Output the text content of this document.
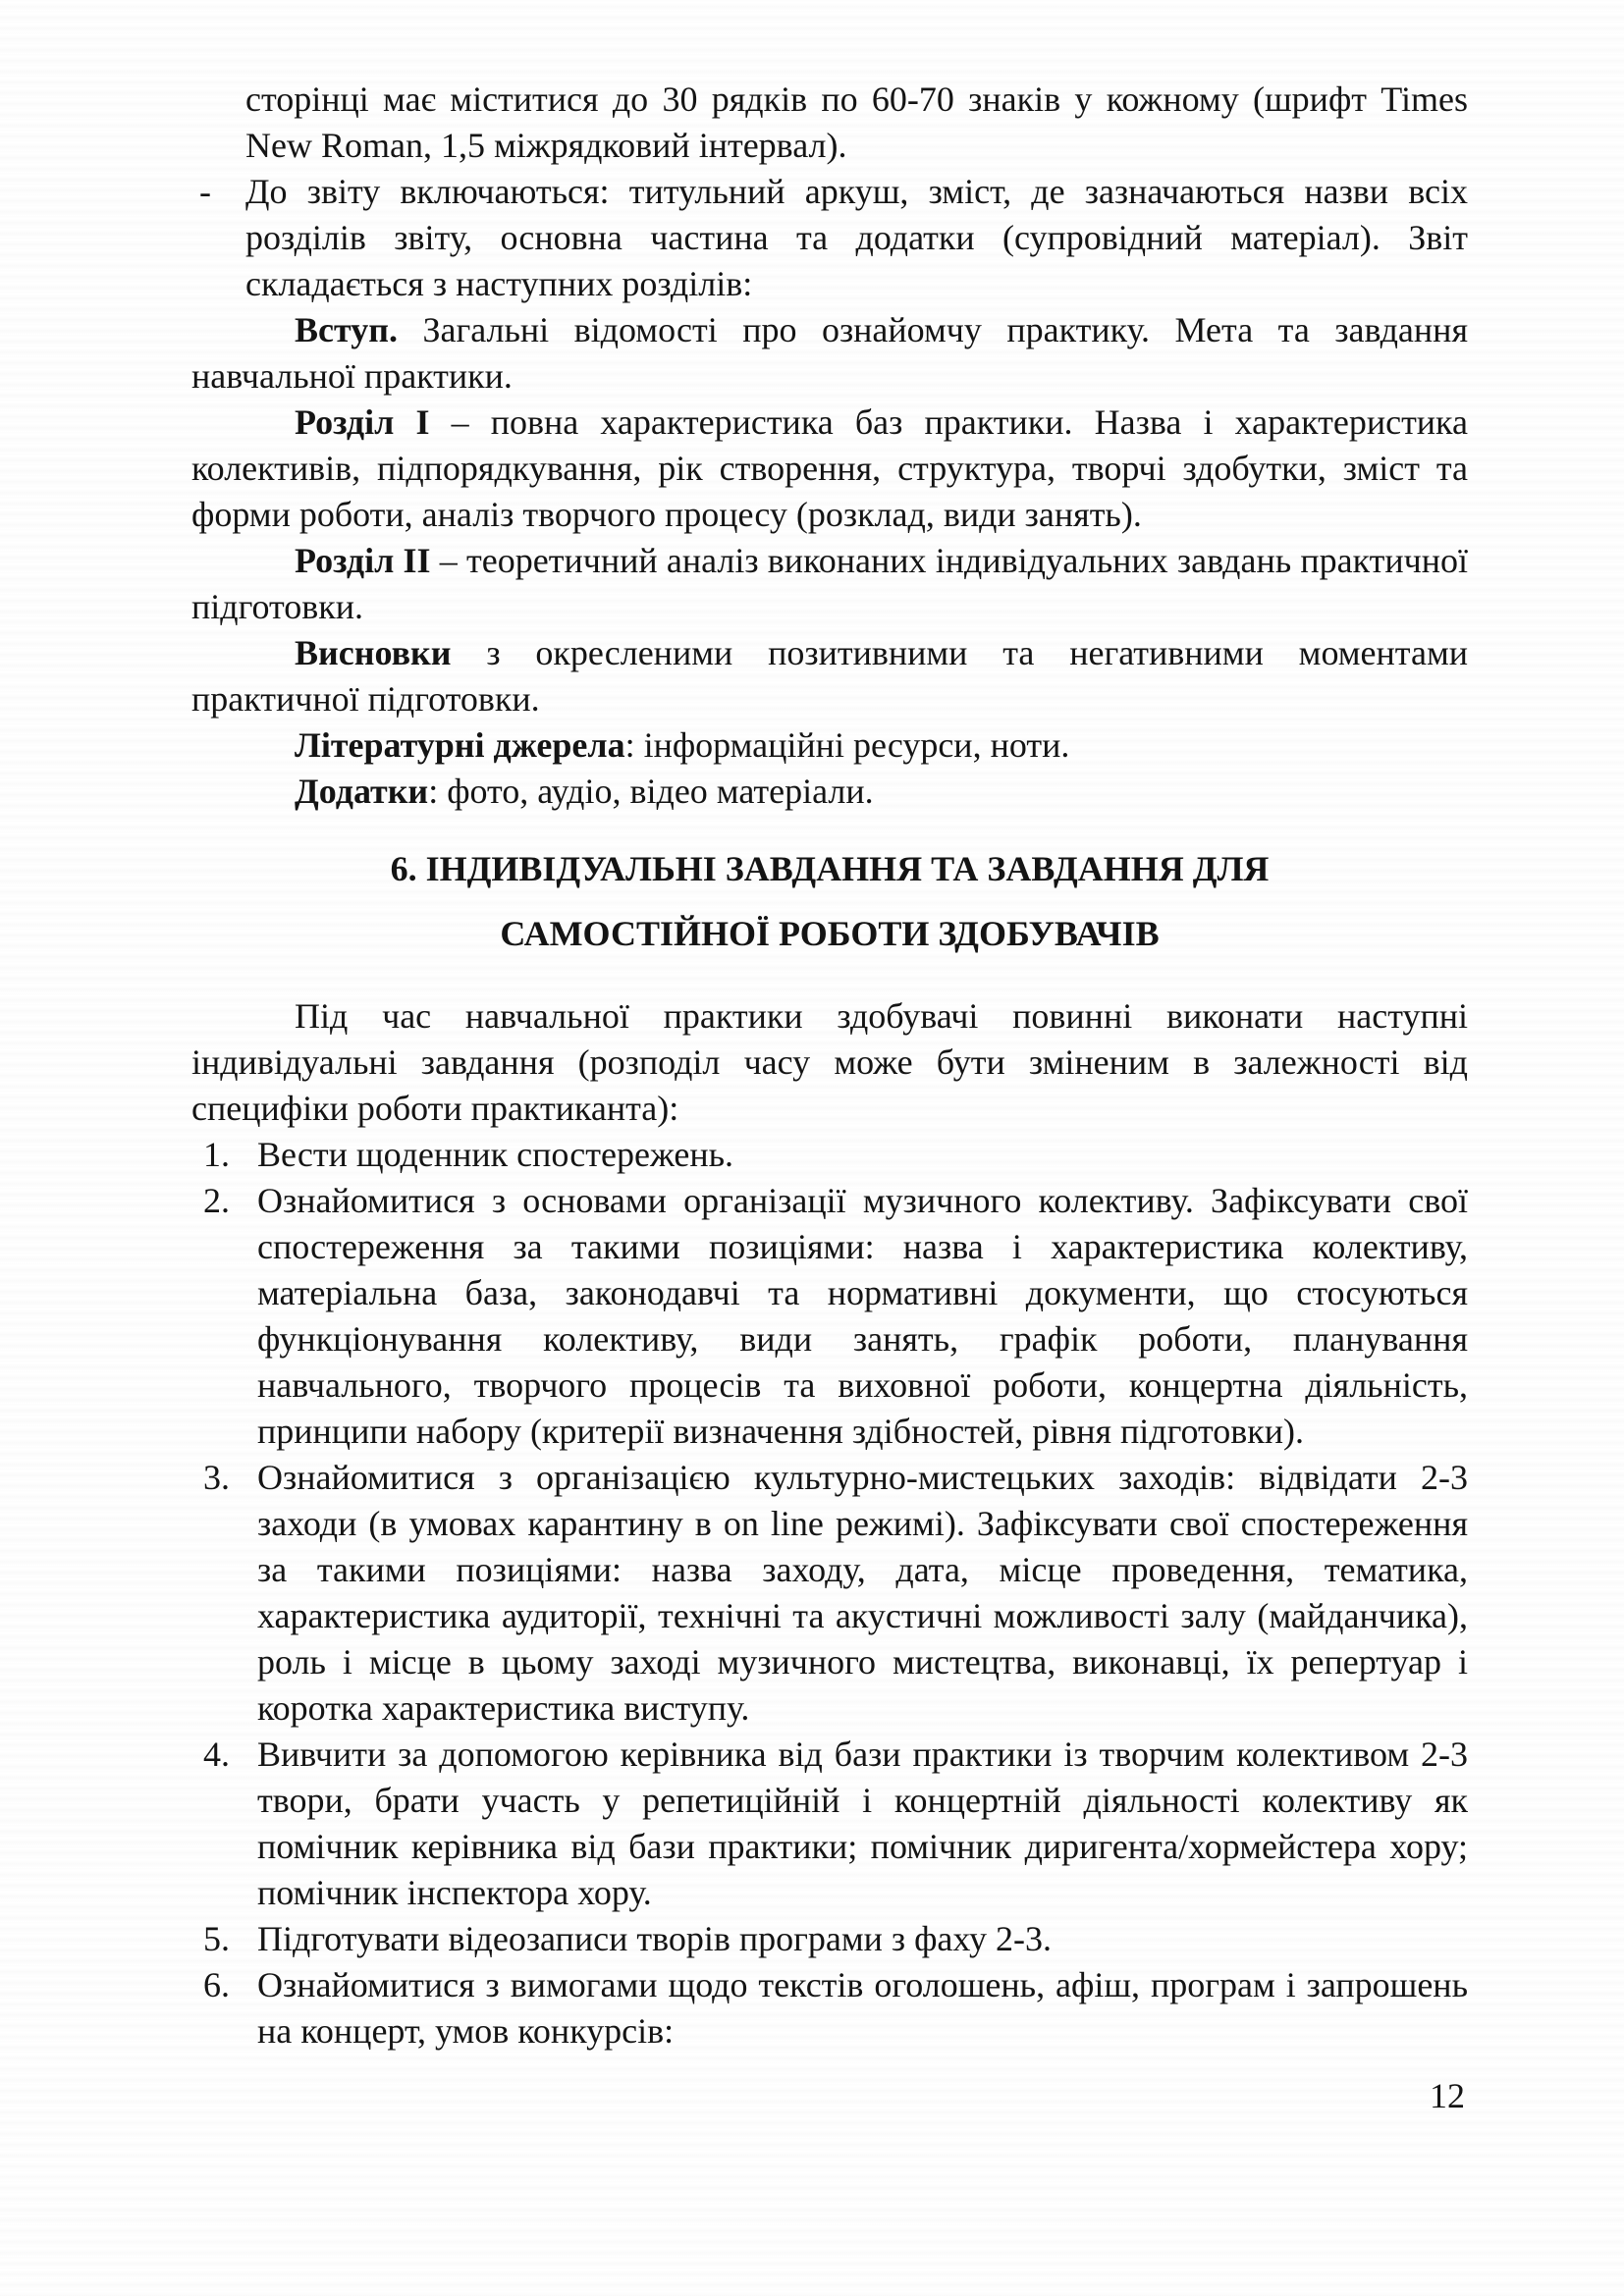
сторінці має міститися до 30 рядків по 60-70 знаків у кожному (шрифт Times New Roman, 1,5 міжрядковий інтервал).

- До звіту включаються: титульний аркуш, зміст, де зазначаються назви всіх розділів звіту, основна частина та додатки (супровідний матеріал). Звіт складається з наступних розділів:

Вступ. Загальні відомості про ознайомчу практику. Мета та завдання навчальної практики.

Розділ I – повна характеристика баз практики. Назва і характеристика колективів, підпорядкування, рік створення, структура, творчі здобутки, зміст та форми роботи, аналіз творчого процесу (розклад, види занять).

Розділ II – теоретичний аналіз виконаних індивідуальних завдань практичної підготовки.

Висновки з окресленими позитивними та негативними моментами практичної підготовки.

Літературні джерела: інформаційні ресурси, ноти.

Додатки: фото, аудіо, відео матеріали.

6. ІНДИВІДУАЛЬНІ ЗАВДАННЯ ТА ЗАВДАННЯ ДЛЯ
САМОСТІЙНОЇ РОБОТИ ЗДОБУВАЧІВ

Під час навчальної практики здобувачі повинні виконати наступні індивідуальні завдання (розподіл часу може бути зміненим в залежності від специфіки роботи практиканта):

1. Вести щоденник спостережень.
2. Ознайомитися з основами організації музичного колективу. Зафіксувати свої спостереження за такими позиціями: назва і характеристика колективу, матеріальна база, законодавчі та нормативні документи, що стосуються функціонування колективу, види занять, графік роботи, планування навчального, творчого процесів та виховної роботи, концертна діяльність, принципи набору (критерії визначення здібностей, рівня підготовки).
3. Ознайомитися з організацією культурно-мистецьких заходів: відвідати 2-3 заходи (в умовах карантину в on line режимі). Зафіксувати свої спостереження за такими позиціями: назва заходу, дата, місце проведення, тематика, характеристика аудиторії, технічні та акустичні можливості залу (майданчика), роль і місце в цьому заході музичного мистецтва, виконавці, їх репертуар і коротка характеристика виступу.
4. Вивчити за допомогою керівника від бази практики із творчим колективом 2-3 твори, брати участь у репетиційній і концертній діяльності колективу як помічник керівника від бази практики; помічник диригента/хормейстера хору; помічник інспектора хору.
5. Підготувати відеозаписи творів програми з фаху 2-3.
6. Ознайомитися з вимогами щодо текстів оголошень, афіш, програм і запрошень на концерт, умов конкурсів:
12
